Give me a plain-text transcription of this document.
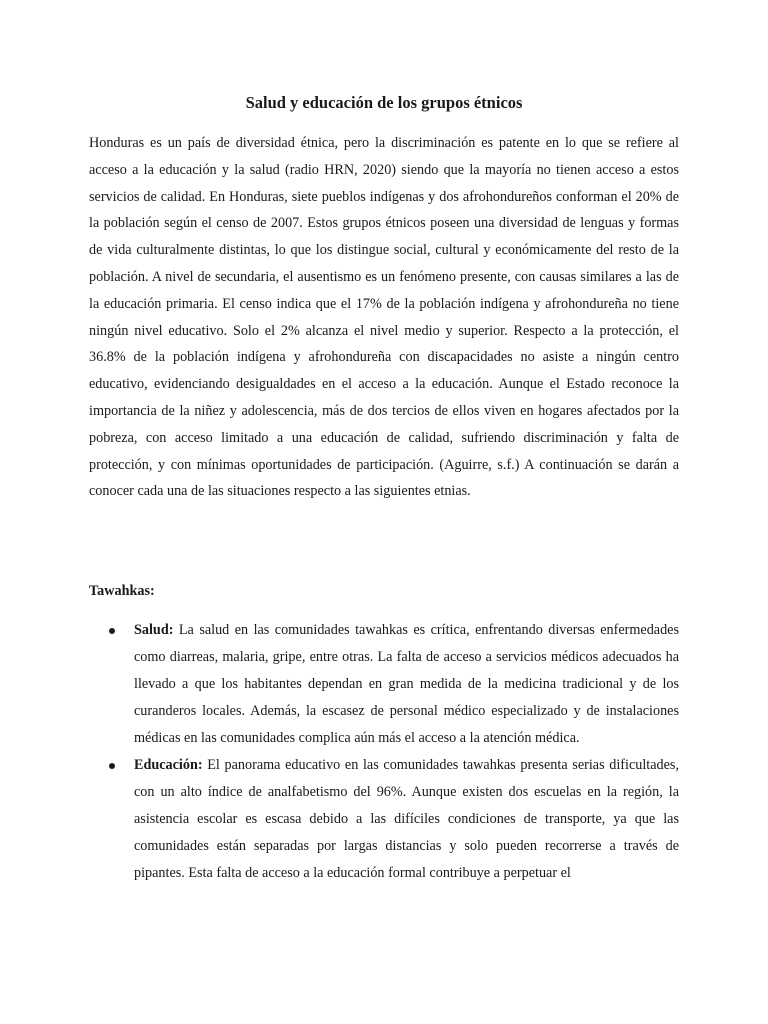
Salud y educación de los grupos étnicos

Honduras es un país de diversidad étnica, pero la discriminación es patente en lo que se refiere al acceso a la educación y la salud (radio HRN, 2020) siendo que la mayoría no tienen acceso a estos servicios de calidad. En Honduras, siete pueblos indígenas y dos afrohondureños conforman el 20% de la población según el censo de 2007. Estos grupos étnicos poseen una diversidad de lenguas y formas de vida culturalmente distintas, lo que los distingue social, cultural y económicamente del resto de la población. A nivel de secundaria, el ausentismo es un fenómeno presente, con causas similares a las de la educación primaria. El censo indica que el 17% de la población indígena y afrohondureña no tiene ningún nivel educativo. Solo el 2% alcanza el nivel medio y superior. Respecto a la protección, el 36.8% de la población indígena y afrohondureña con discapacidades no asiste a ningún centro educativo, evidenciando desigualdades en el acceso a la educación. Aunque el Estado reconoce la importancia de la niñez y adolescencia, más de dos tercios de ellos viven en hogares afectados por la pobreza, con acceso limitado a una educación de calidad, sufriendo discriminación y falta de protección, y con mínimas oportunidades de participación. (Aguirre, s.f.) A continuación se darán a conocer cada una de las situaciones respecto a las siguientes etnias.

Tawahkas:
Salud: La salud en las comunidades tawahkas es crítica, enfrentando diversas enfermedades como diarreas, malaria, gripe, entre otras. La falta de acceso a servicios médicos adecuados ha llevado a que los habitantes dependan en gran medida de la medicina tradicional y de los curanderos locales. Además, la escasez de personal médico especializado y de instalaciones médicas en las comunidades complica aún más el acceso a la atención médica.
Educación: El panorama educativo en las comunidades tawahkas presenta serias dificultades, con un alto índice de analfabetismo del 96%. Aunque existen dos escuelas en la región, la asistencia escolar es escasa debido a las difíciles condiciones de transporte, ya que las comunidades están separadas por largas distancias y solo pueden recorrerse a través de pipantes. Esta falta de acceso a la educación formal contribuye a perpetuar el
